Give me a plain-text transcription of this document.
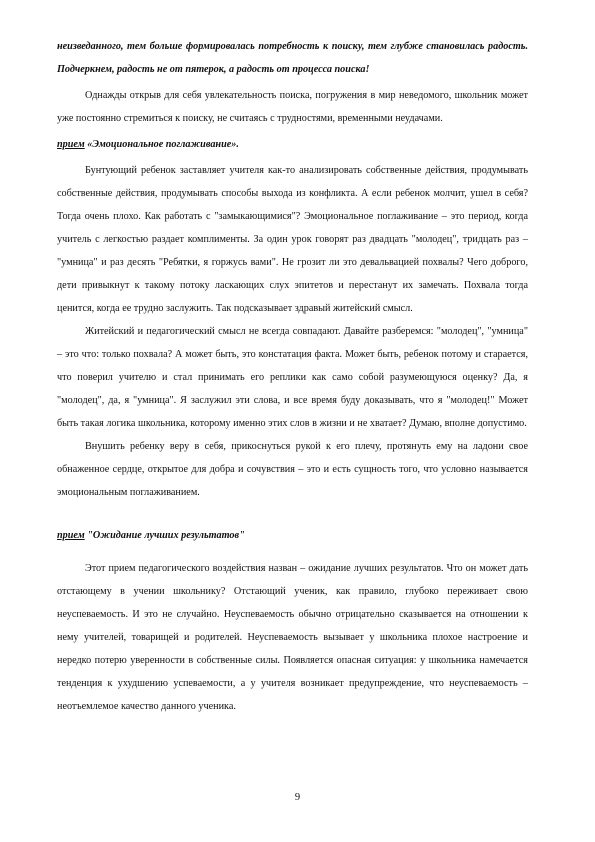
неизведанного, тем больше формировалась потребность к поиску, тем глубже становилась радость. Подчеркнем, радость не от пятерок, а радость от процесса поиска!

Однажды открыв для себя увлекательность поиска, погружения в мир неведомого, школьник может уже постоянно стремиться к поиску, не считаясь с трудностями, временными неудачами.

прием «Эмоциональное поглаживание».

Бунтующий ребенок заставляет учителя как-то анализировать собственные действия, продумывать собственные действия, продумывать способы выхода из конфликта. А если ребенок молчит, ушел в себя? Тогда очень плохо. Как работать с "замыкающимися"? Эмоциональное поглаживание – это период, когда учитель с легкостью раздает комплименты. За один урок говорят раз двадцать "молодец", тридцать раз – "умница" и раз десять "Ребятки, я горжусь вами". Не грозит ли это девальвацией похвалы? Чего доброго, дети привыкнут к такому потоку ласкающих слух эпитетов и перестанут их замечать. Похвала тогда ценится, когда ее трудно заслужить. Так подсказывает здравый житейский смысл.

Житейский и педагогический смысл не всегда совпадают. Давайте разберемся: "молодец", "умница" – это что: только похвала? А может быть, это констатация факта. Может быть, ребенок потому и старается, что поверил учителю и стал принимать его реплики как само собой разумеющуюся оценку? Да, я "молодец", да, я "умница". Я заслужил эти слова, и все время буду доказывать, что я "молодец!" Может быть такая логика школьника, которому именно этих слов в жизни и не хватает? Думаю, вполне допустимо.

Внушить ребенку веру в себя, прикоснуться рукой к его плечу, протянуть ему на ладони свое обнаженное сердце, открытое для добра и сочувствия – это и есть сущность того, что условно называется эмоциональным поглаживанием.

прием "Ожидание лучших результатов"

Этот прием педагогического воздействия назван – ожидание лучших результатов. Что он может дать отстающему в учении школьнику? Отстающий ученик, как правило, глубоко переживает свою неуспеваемость. И это не случайно. Неуспеваемость обычно отрицательно сказывается на отношении к нему учителей, товарищей и родителей. Неуспеваемость вызывает у школьника плохое настроение и нередко потерю уверенности в собственные силы. Появляется опасная ситуация: у школьника намечается тенденция к ухудшению успеваемости, а у учителя возникает предупреждение, что неуспеваемость – неотъемлемое качество данного ученика.

9
